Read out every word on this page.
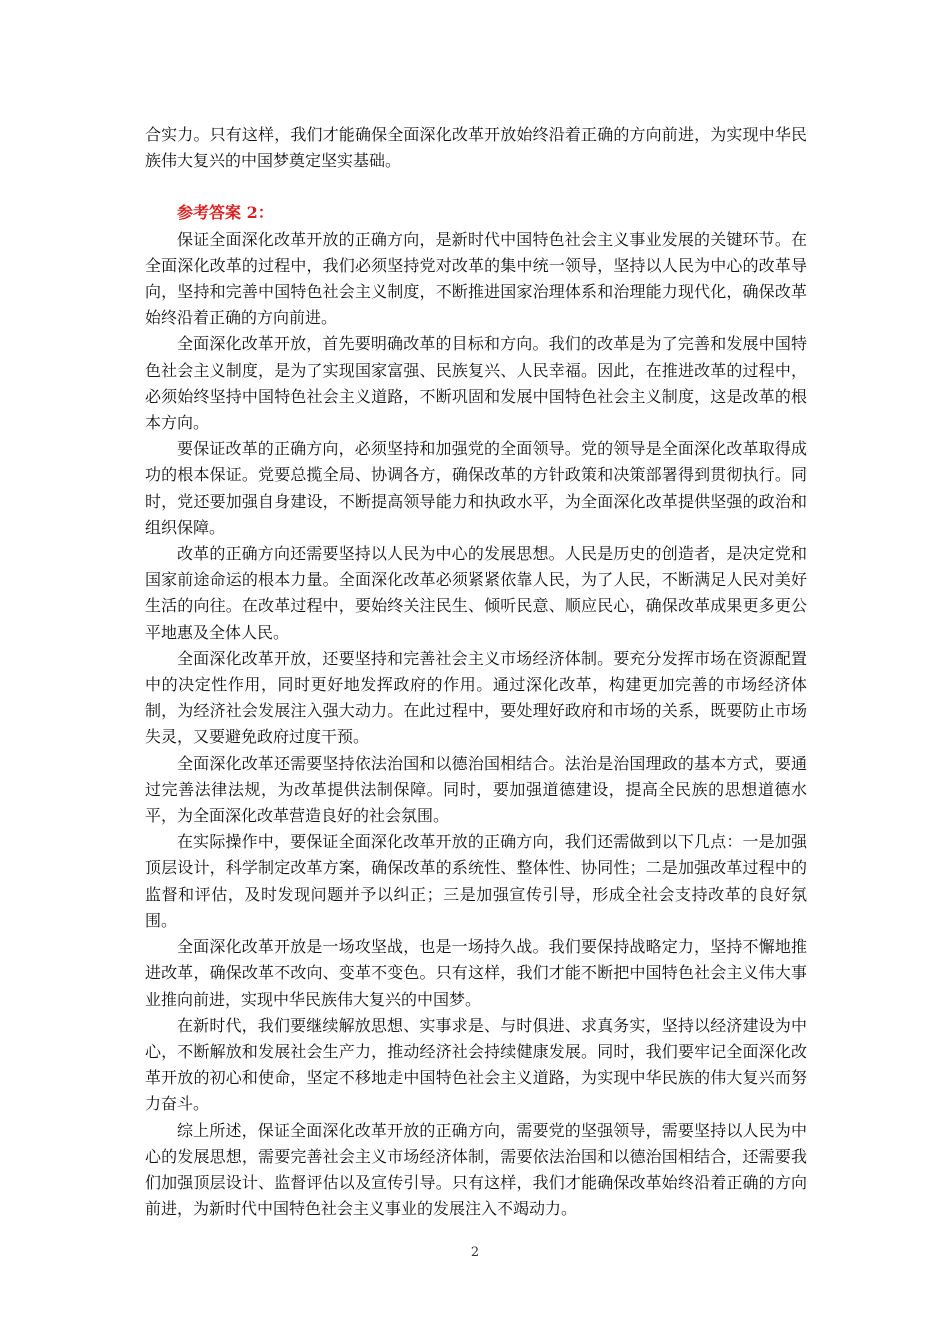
合实力。只有这样，我们才能确保全面深化改革开放始终沿着正确的方向前进，为实现中华民族伟大复兴的中国梦奠定坚实基础。

参考答案 2：

保证全面深化改革开放的正确方向，是新时代中国特色社会主义事业发展的关键环节。在全面深化改革的过程中，我们必须坚持党对改革的集中统一领导，坚持以人民为中心的改革导向，坚持和完善中国特色社会主义制度，不断推进国家治理体系和治理能力现代化，确保改革始终沿着正确的方向前进。

全面深化改革开放，首先要明确改革的目标和方向。我们的改革是为了完善和发展中国特色社会主义制度，是为了实现国家富强、民族复兴、人民幸福。因此，在推进改革的过程中，必须始终坚持中国特色社会主义道路，不断巩固和发展中国特色社会主义制度，这是改革的根本方向。

要保证改革的正确方向，必须坚持和加强党的全面领导。党的领导是全面深化改革取得成功的根本保证。党要总揽全局、协调各方，确保改革的方针政策和决策部署得到贯彻执行。同时，党还要加强自身建设，不断提高领导能力和执政水平，为全面深化改革提供坚强的政治和组织保障。

改革的正确方向还需要坚持以人民为中心的发展思想。人民是历史的创造者，是决定党和国家前途命运的根本力量。全面深化改革必须紧紧依靠人民，为了人民，不断满足人民对美好生活的向往。在改革过程中，要始终关注民生、倾听民意、顺应民心，确保改革成果更多更公平地惠及全体人民。

全面深化改革开放，还要坚持和完善社会主义市场经济体制。要充分发挥市场在资源配置中的决定性作用，同时更好地发挥政府的作用。通过深化改革，构建更加完善的市场经济体制，为经济社会发展注入强大动力。在此过程中，要处理好政府和市场的关系，既要防止市场失灵，又要避免政府过度干预。

全面深化改革还需要坚持依法治国和以德治国相结合。法治是治国理政的基本方式，要通过完善法律法规，为改革提供法制保障。同时，要加强道德建设，提高全民族的思想道德水平，为全面深化改革营造良好的社会氛围。

在实际操作中，要保证全面深化改革开放的正确方向，我们还需做到以下几点：一是加强顶层设计，科学制定改革方案，确保改革的系统性、整体性、协同性；二是加强改革过程中的监督和评估，及时发现问题并予以纠正；三是加强宣传引导，形成全社会支持改革的良好氛围。

全面深化改革开放是一场攻坚战，也是一场持久战。我们要保持战略定力，坚持不懈地推进改革，确保改革不改向、变革不变色。只有这样，我们才能不断把中国特色社会主义伟大事业推向前进，实现中华民族伟大复兴的中国梦。

在新时代，我们要继续解放思想、实事求是、与时俱进、求真务实，坚持以经济建设为中心，不断解放和发展社会生产力，推动经济社会持续健康发展。同时，我们要牢记全面深化改革开放的初心和使命，坚定不移地走中国特色社会主义道路，为实现中华民族的伟大复兴而努力奋斗。

综上所述，保证全面深化改革开放的正确方向，需要党的坚强领导，需要坚持以人民为中心的发展思想，需要完善社会主义市场经济体制，需要依法治国和以德治国相结合，还需要我们加强顶层设计、监督评估以及宣传引导。只有这样，我们才能确保改革始终沿着正确的方向前进，为新时代中国特色社会主义事业的发展注入不竭动力。

2
